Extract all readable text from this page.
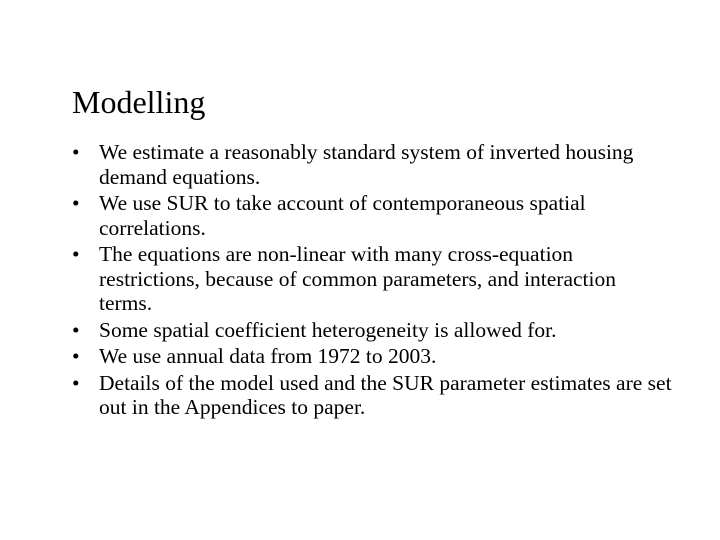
Modelling
• We estimate a reasonably standard system of inverted housing demand equations.
• We use SUR to take account of contemporaneous spatial correlations.
• The equations are non-linear with many cross-equation restrictions, because of common parameters, and interaction terms.
• Some spatial coefficient heterogeneity is allowed for.
• We use annual data from 1972 to 2003.
• Details of the model used and the SUR parameter estimates are set out in the Appendices to paper.
